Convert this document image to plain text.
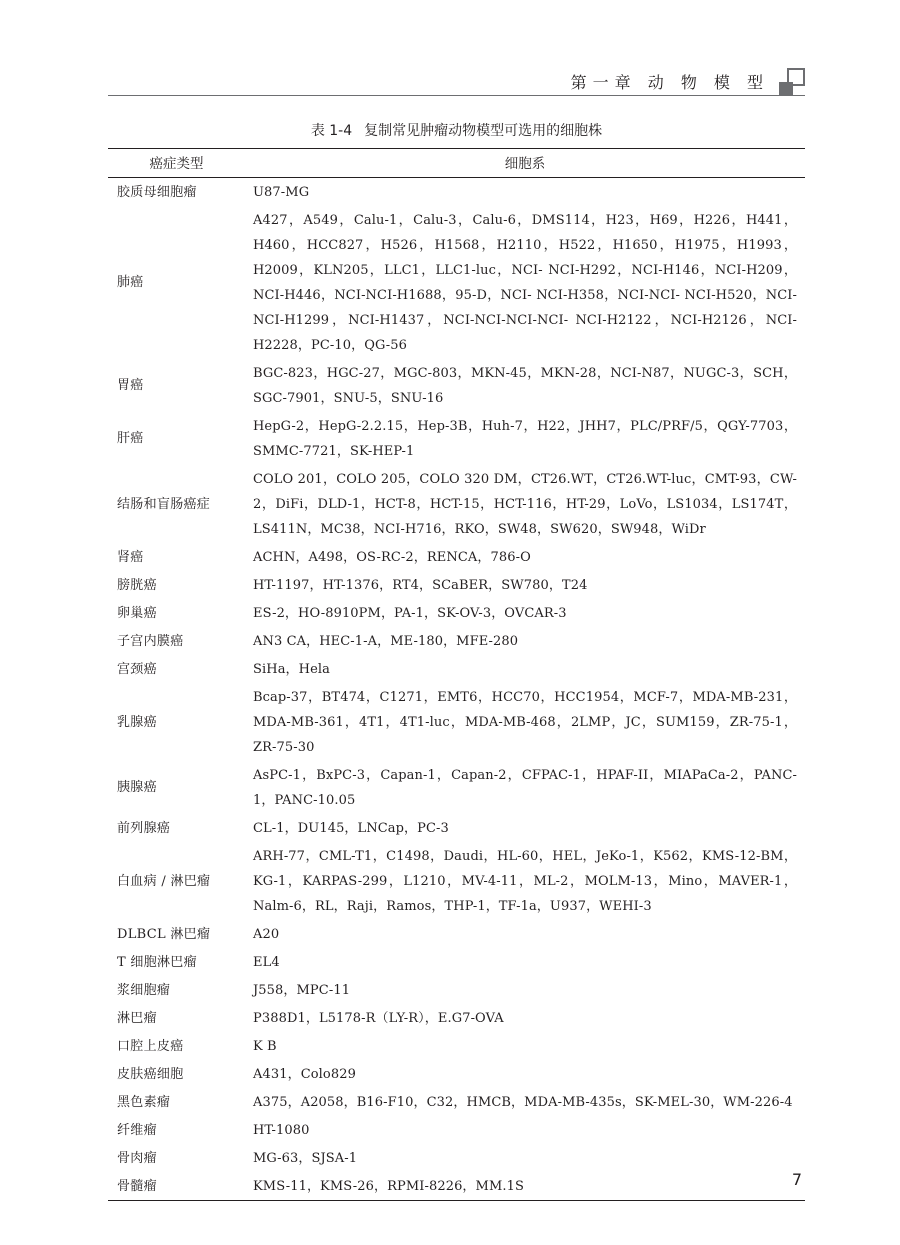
第一章 动 物 模 型
表 1-4 复制常见肿瘤动物模型可选用的细胞株
癌症类型	细胞系
胶质母细胞瘤	U87-MG
肺癌	A427，A549，Calu-1，Calu-3，Calu-6，DMS114，H23，H69，H226，H441，H460，HCC827，H526，H1568，H2110，H522，H1650，H1975，H1993，H2009，KLN205，LLC1，LLC1-luc，NCI- NCI-H292，NCI-H146，NCI-H209，NCI-H446，NCI-NCI-H1688，95-D，NCI- NCI-H358，NCI-NCI- NCI-H520，NCI-NCI-H1299，NCI-H1437，NCI-NCI-NCI-NCI- NCI-H2122，NCI-H2126，NCI-H2228，PC-10，QG-56
胃癌	BGC-823，HGC-27，MGC-803，MKN-45，MKN-28，NCI-N87，NUGC-3，SCH，SGC-7901，SNU-5，SNU-16
肝癌	HepG-2，HepG-2.2.15，Hep-3B，Huh-7，H22，JHH7，PLC/PRF/5，QGY-7703，SMMC-7721，SK-HEP-1
结肠和盲肠癌症	COLO 201，COLO 205，COLO 320 DM，CT26.WT，CT26.WT-luc，CMT-93，CW-2，DiFi，DLD-1，HCT-8，HCT-15，HCT-116，HT-29，LoVo，LS1034，LS174T，LS411N，MC38，NCI-H716，RKO，SW48，SW620，SW948，WiDr
肾癌	ACHN，A498，OS-RC-2，RENCA，786-O
膀胱癌	HT-1197，HT-1376，RT4，SCaBER，SW780，T24
卵巢癌	ES-2，HO-8910PM，PA-1，SK-OV-3，OVCAR-3
子宫内膜癌	AN3 CA，HEC-1-A，ME-180，MFE-280
宫颈癌	SiHa，Hela
乳腺癌	Bcap-37，BT474，C1271，EMT6，HCC70，HCC1954，MCF-7，MDA-MB-231，MDA-MB-361，4T1，4T1-luc，MDA-MB-468，2LMP，JC，SUM159，ZR-75-1，ZR-75-30
胰腺癌	AsPC-1，BxPC-3，Capan-1，Capan-2，CFPAC-1，HPAF-II，MIAPaCa-2，PANC-1，PANC-10.05
前列腺癌	CL-1，DU145，LNCap，PC-3
白血病 / 淋巴瘤	ARH-77，CML-T1，C1498，Daudi，HL-60，HEL，JeKo-1，K562，KMS-12-BM，KG-1，KARPAS-299，L1210，MV-4-11，ML-2，MOLM-13，Mino，MAVER-1，Nalm-6，RL，Raji，Ramos，THP-1，TF-1a，U937，WEHI-3
DLBCL 淋巴瘤	A20
T 细胞淋巴瘤	EL4
浆细胞瘤	J558，MPC-11
淋巴瘤	P388D1，L5178-R（LY-R），E.G7-OVA
口腔上皮癌	K B
皮肤癌细胞	A431，Colo829
黑色素瘤	A375，A2058，B16-F10，C32，HMCB，MDA-MB-435s，SK-MEL-30，WM-226-4
纤维瘤	HT-1080
骨肉瘤	MG-63，SJSA-1
骨髓瘤	KMS-11，KMS-26，RPMI-8226，MM.1S	7
